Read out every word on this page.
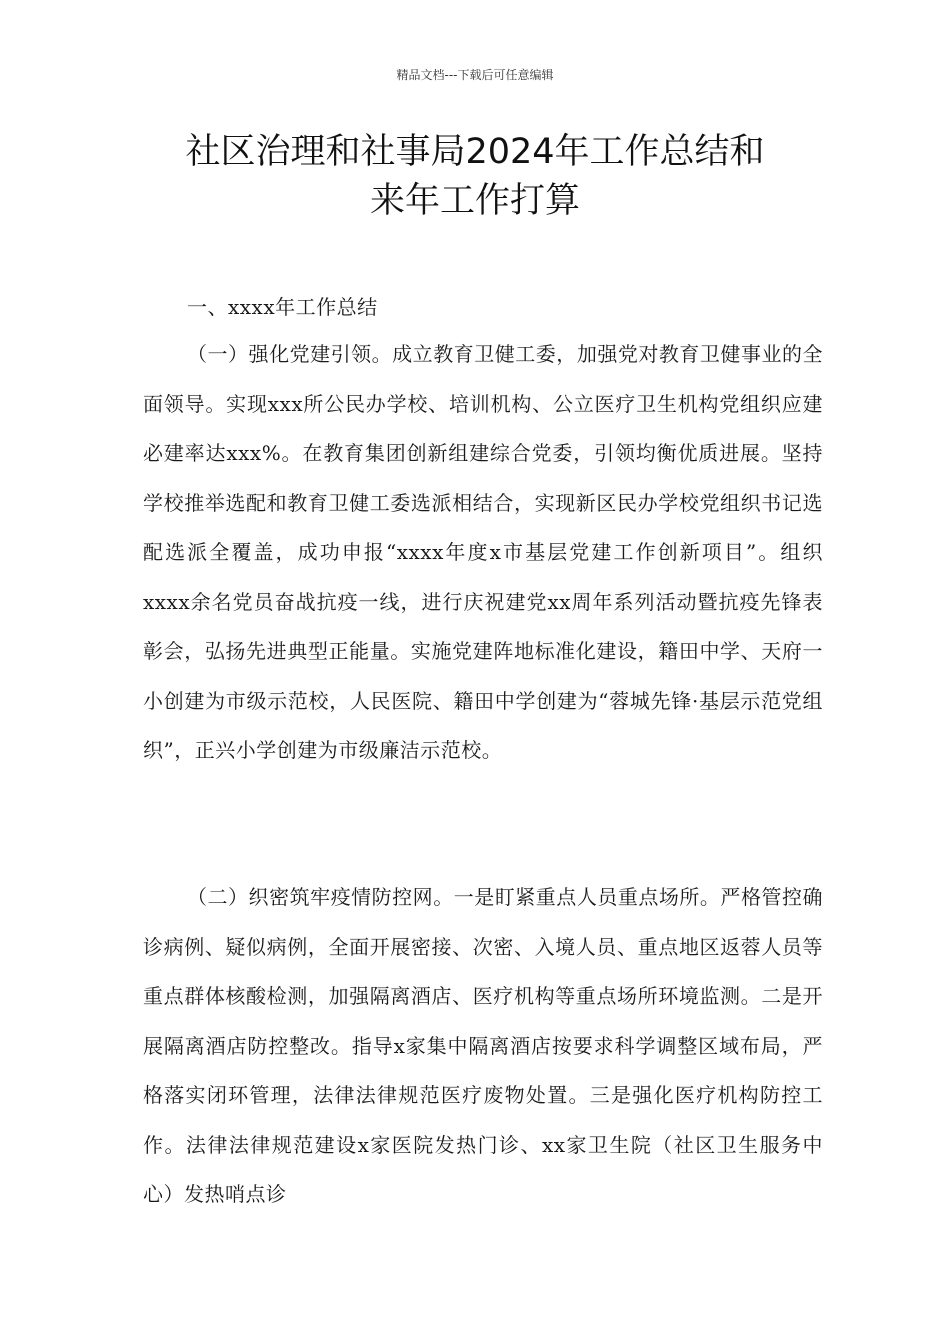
精品文档---下载后可任意编辑
社区治理和社事局2024年工作总结和
来年工作打算

一、xxxx年工作总结

（一）强化党建引领。成立教育卫健工委，加强党对教育卫健事业的全面领导。实现xxx所公民办学校、培训机构、公立医疗卫生机构党组织应建必建率达xxx%。在教育集团创新组建综合党委，引领均衡优质进展。坚持学校推举选配和教育卫健工委选派相结合，实现新区民办学校党组织书记选配选派全覆盖，成功申报“xxxx年度x市基层党建工作创新项目”。组织xxxx余名党员奋战抗疫一线，进行庆祝建党xx周年系列活动暨抗疫先锋表彰会，弘扬先进典型正能量。实施党建阵地标准化建设，籍田中学、天府一小创建为市级示范校，人民医院、籍田中学创建为“蓉城先锋·基层示范党组织”，正兴小学创建为市级廉洁示范校。

（二）织密筑牢疫情防控网。一是盯紧重点人员重点场所。严格管控确诊病例、疑似病例，全面开展密接、次密、入境人员、重点地区返蓉人员等重点群体核酸检测，加强隔离酒店、医疗机构等重点场所环境监测。二是开展隔离酒店防控整改。指导x家集中隔离酒店按要求科学调整区域布局，严格落实闭环管理，法律法律规范医疗废物处置。三是强化医疗机构防控工作。法律法律规范建设x家医院发热门诊、xx家卫生院（社区卫生服务中心）发热哨点诊
